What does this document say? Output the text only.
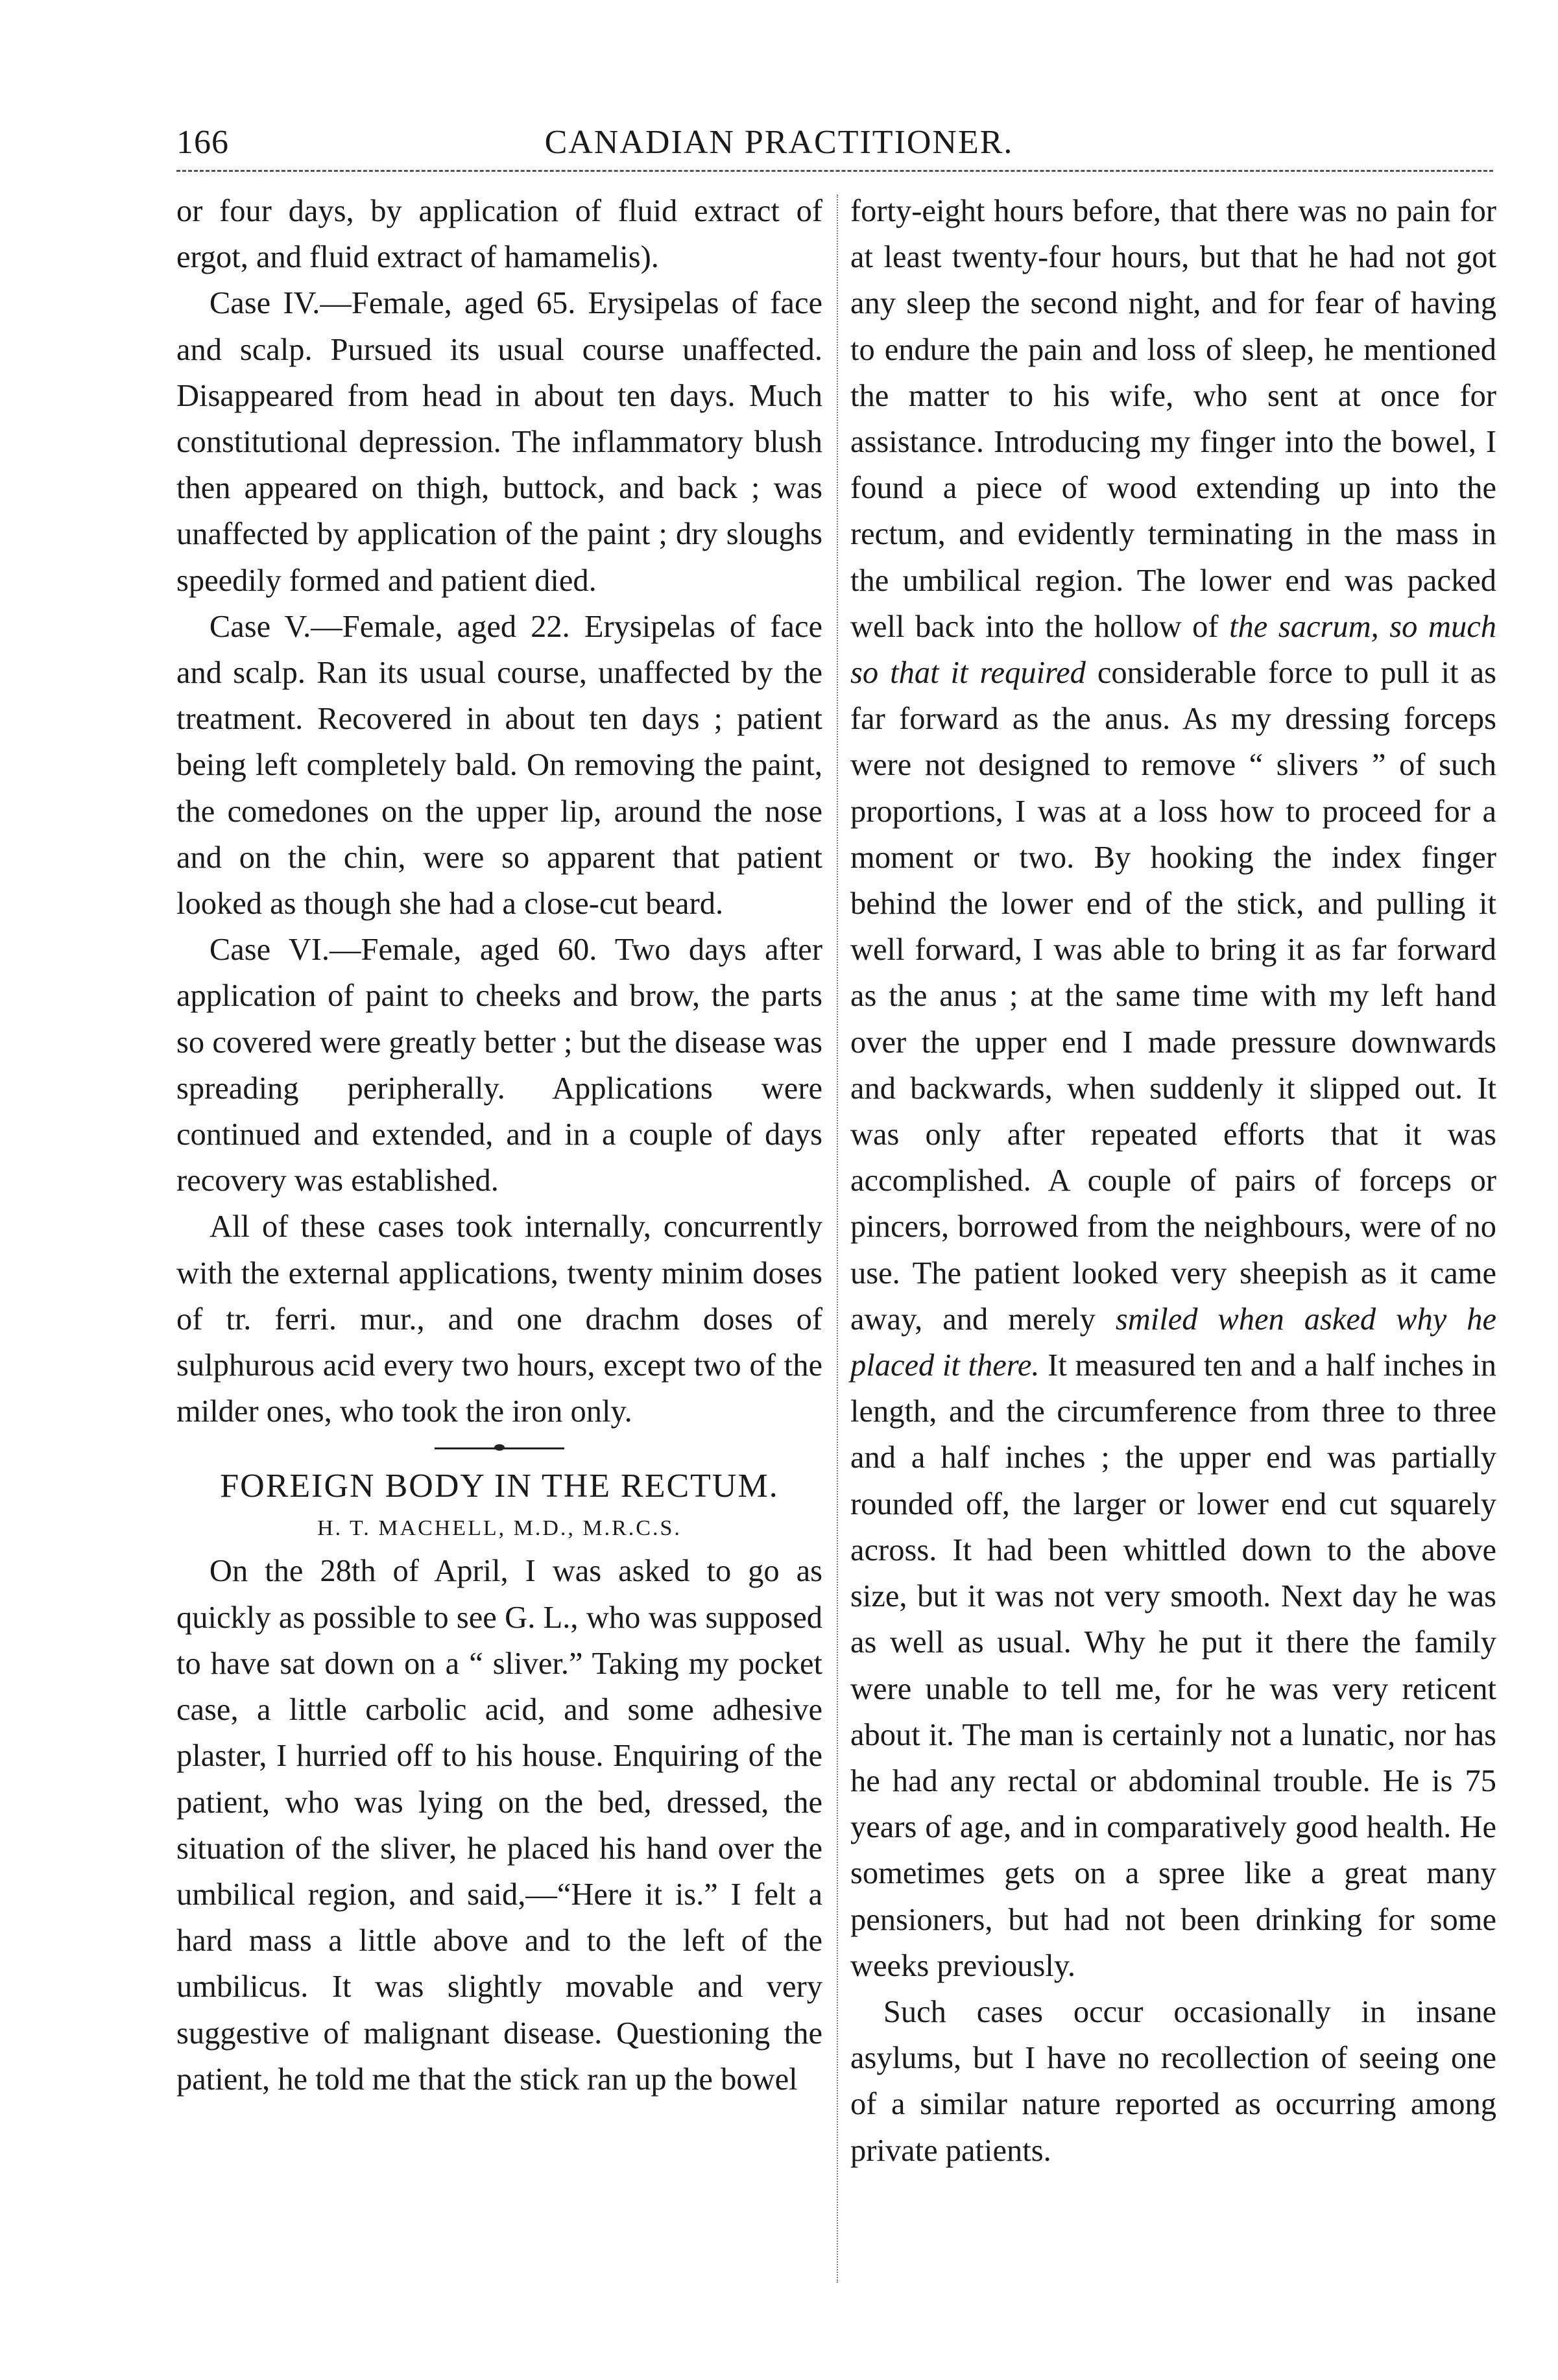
166	CANADIAN PRACTITIONER.

or four days, by application of fluid extract of ergot, and fluid extract of hamamelis).

Case IV.—Female, aged 65. Erysipelas of face and scalp. Pursued its usual course unaffected. Disappeared from head in about ten days. Much constitutional depression. The inflammatory blush then appeared on thigh, buttock, and back ; was unaffected by application of the paint ; dry sloughs speedily formed and patient died.

Case V.—Female, aged 22. Erysipelas of face and scalp. Ran its usual course, unaffected by the treatment. Recovered in about ten days ; patient being left completely bald. On removing the paint, the comedones on the upper lip, around the nose and on the chin, were so apparent that patient looked as though she had a close-cut beard.

Case VI.—Female, aged 60. Two days after application of paint to cheeks and brow, the parts so covered were greatly better ; but the disease was spreading peripherally. Applications were continued and extended, and in a couple of days recovery was established.

All of these cases took internally, concurrently with the external applications, twenty minim doses of tr. ferri. mur., and one drachm doses of sulphurous acid every two hours, except two of the milder ones, who took the iron only.

FOREIGN BODY IN THE RECTUM.

H. T. MACHELL, M.D., M.R.C.S.

On the 28th of April, I was asked to go as quickly as possible to see G. L., who was supposed to have sat down on a “ sliver.” Taking my pocket case, a little carbolic acid, and some adhesive plaster, I hurried off to his house. Enquiring of the patient, who was lying on the bed, dressed, the situation of the sliver, he placed his hand over the umbilical region, and said,—“Here it is.” I felt a hard mass a little above and to the left of the umbilicus. It was slightly movable and very suggestive of malignant disease. Questioning the patient, he told me that the stick ran up the bowel

forty-eight hours before, that there was no pain for at least twenty-four hours, but that he had not got any sleep the second night, and for fear of having to endure the pain and loss of sleep, he mentioned the matter to his wife, who sent at once for assistance. Introducing my finger into the bowel, I found a piece of wood extending up into the rectum, and evidently terminating in the mass in the umbilical region. The lower end was packed well back into the hollow of the sacrum, so much so that it required considerable force to pull it as far forward as the anus. As my dressing forceps were not designed to remove “ slivers ” of such proportions, I was at a loss how to proceed for a moment or two. By hooking the index finger behind the lower end of the stick, and pulling it well forward, I was able to bring it as far forward as the anus ; at the same time with my left hand over the upper end I made pressure downwards and backwards, when suddenly it slipped out. It was only after repeated efforts that it was accomplished. A couple of pairs of forceps or pincers, borrowed from the neighbours, were of no use. The patient looked very sheepish as it came away, and merely smiled when asked why he placed it there. It measured ten and a half inches in length, and the circumference from three to three and a half inches ; the upper end was partially rounded off, the larger or lower end cut squarely across. It had been whittled down to the above size, but it was not very smooth. Next day he was as well as usual. Why he put it there the family were unable to tell me, for he was very reticent about it. The man is certainly not a lunatic, nor has he had any rectal or abdominal trouble. He is 75 years of age, and in comparatively good health. He sometimes gets on a spree like a great many pensioners, but had not been drinking for some weeks previously.

Such cases occur occasionally in insane asylums, but I have no recollection of seeing one of a similar nature reported as occurring among private patients.
